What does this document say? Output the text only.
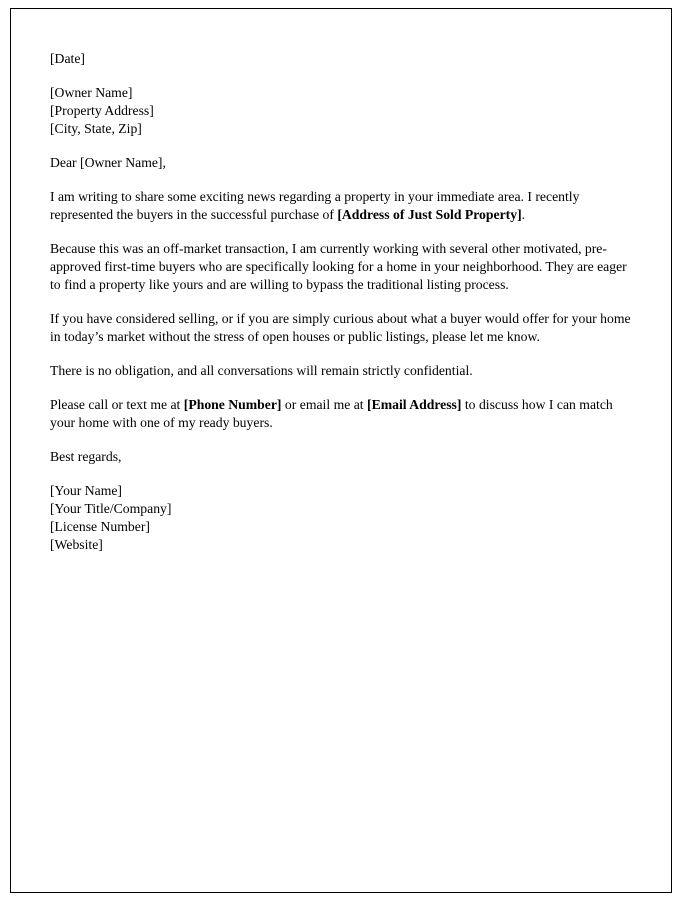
[Date]

[Owner Name]
[Property Address]
[City, State, Zip]

Dear [Owner Name],

I am writing to share some exciting news regarding a property in your immediate area. I recently represented the buyers in the successful purchase of [Address of Just Sold Property].

Because this was an off-market transaction, I am currently working with several other motivated, pre-approved first-time buyers who are specifically looking for a home in your neighborhood. They are eager to find a property like yours and are willing to bypass the traditional listing process.

If you have considered selling, or if you are simply curious about what a buyer would offer for your home in today’s market without the stress of open houses or public listings, please let me know.

There is no obligation, and all conversations will remain strictly confidential.

Please call or text me at [Phone Number] or email me at [Email Address] to discuss how I can match your home with one of my ready buyers.

Best regards,

[Your Name]
[Your Title/Company]
[License Number]
[Website]
